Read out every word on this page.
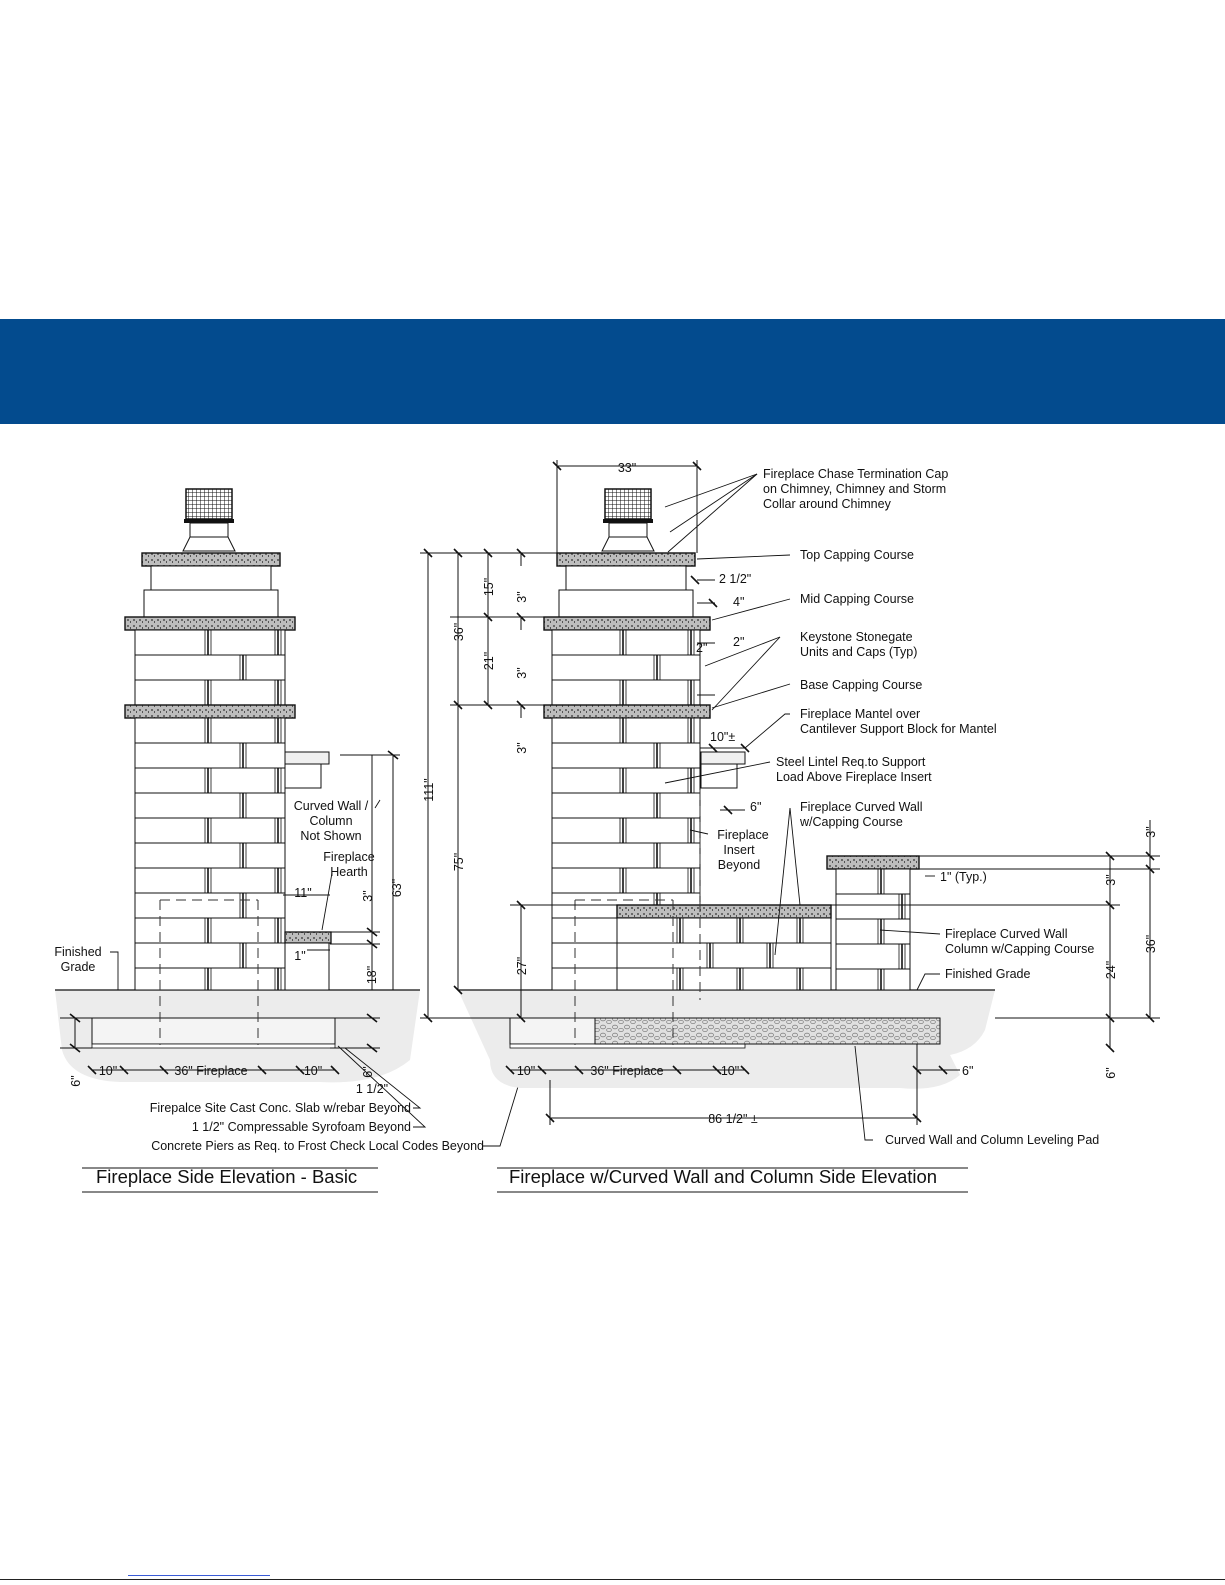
Curved Wall /
Column
Not Shown
Fireplace
Hearth
Finished
Grade
Firepalce Site Cast Conc. Slab w/rebar Beyond
1 1/2" Compressable Syrofoam Beyond
Concrete Piers as Req. to Frost Check Local Codes Beyond
63"
3"
11"
1"
18"
6"
6"
10"	36" Fireplace	10"
1 1/2"
Fireplace Side Elevation - Basic
Fireplace Chase Termination Cap
on Chimney, Chimney and Storm
Collar around Chimney
Top Capping Course
Mid Capping Course
Keystone Stonegate
Units and Caps (Typ)
Base Capping Course
Fireplace Mantel over
Cantilever Support Block for Mantel
Steel Lintel Req.to Support
Load Above Fireplace Insert
Fireplace Curved Wall
w/Capping Course
Fireplace
Insert
Beyond
1" (Typ.)
Fireplace Curved Wall
Column w/Capping Course
Finished Grade
Curved Wall and Column Leveling Pad
33"
2 1/2"
4"
2"
2"
10"±
6"
111"
36"
75"
15"
21"
3"
3"
3"
27"
3"
3"
24"
36"
6"
10"	36" Fireplace	10"	6"
86 1/2" ±
Fireplace w/Curved Wall and Column Side Elevation
